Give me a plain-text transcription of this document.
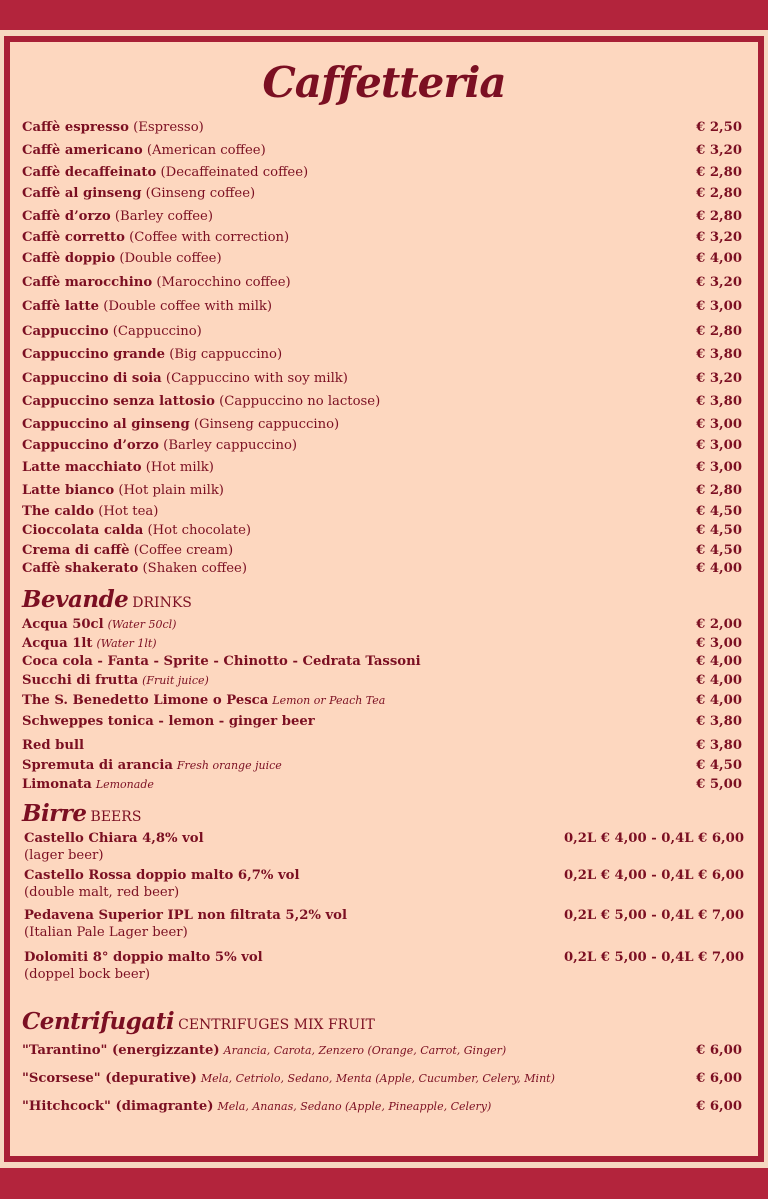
Caffetteria
Caffè espresso (Espresso)	€ 2,50
Caffè americano (American coffee)	€ 3,20
Caffè decaffeinato (Decaffeinated coffee)	€ 2,80
Caffè al ginseng (Ginseng coffee)	€ 2,80
Caffè d’orzo (Barley coffee)	€ 2,80
Caffè corretto (Coffee with correction)	€ 3,20
Caffè doppio (Double coffee)	€ 4,00
Caffè marocchino (Marocchino coffee)	€ 3,20
Caffè latte (Double coffee with milk)	€ 3,00
Cappuccino (Cappuccino)	€ 2,80
Cappuccino grande (Big cappuccino)	€ 3,80
Cappuccino di soia (Cappuccino with soy milk)	€ 3,20
Cappuccino senza lattosio (Cappuccino no lactose)	€ 3,80
Cappuccino al ginseng (Ginseng cappuccino)	€ 3,00
Cappuccino d’orzo (Barley cappuccino)	€ 3,00
Latte macchiato (Hot milk)	€ 3,00
Latte bianco (Hot plain milk)	€ 2,80
The caldo (Hot tea)	€ 4,50
Cioccolata calda (Hot chocolate)	€ 4,50
Crema di caffè (Coffee cream)	€ 4,50
Caffè shakerato (Shaken coffee)	€ 4,00
Bevande DRINKS
Acqua 50cl (Water 50cl)	€ 2,00
Acqua 1lt (Water 1lt)	€ 3,00
Coca cola - Fanta - Sprite - Chinotto - Cedrata Tassoni	€ 4,00
Succhi di frutta (Fruit juice)	€ 4,00
The S. Benedetto Limone o Pesca Lemon or Peach Tea	€ 4,00
Schweppes tonica - lemon - ginger beer	€ 3,80
Red bull	€ 3,80
Spremuta di arancia Fresh orange juice	€ 4,50
Limonata Lemonade	€ 5,00
Birre BEERS
Castello Chiara 4,8% vol	0,2L € 4,00 - 0,4L € 6,00
(lager beer)
Castello Rossa doppio malto 6,7% vol	0,2L € 4,00 - 0,4L € 6,00
(double malt, red beer)
Pedavena Superior IPL non filtrata 5,2% vol	0,2L € 5,00 - 0,4L € 7,00
(Italian Pale Lager beer)
Dolomiti 8° doppio malto 5% vol	0,2L € 5,00 - 0,4L € 7,00
(doppel bock beer)
Centrifugati CENTRIFUGES MIX FRUIT
"Tarantino" (energizzante) Arancia, Carota, Zenzero (Orange, Carrot, Ginger)	€ 6,00
"Scorsese" (depurative) Mela, Cetriolo, Sedano, Menta (Apple, Cucumber, Celery, Mint)	€ 6,00
"Hitchcock" (dimagrante) Mela, Ananas, Sedano (Apple, Pineapple, Celery)	€ 6,00
